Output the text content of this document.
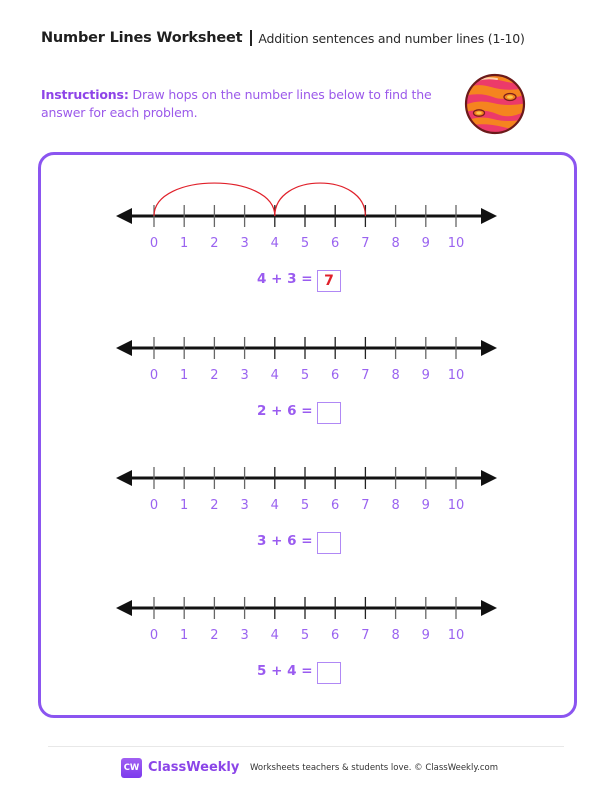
Number Lines Worksheet Addition sentences and number lines (1-10)
Instructions: Draw hops on the number lines below to find the answer for each problem.
0 1 2 3 4 5 6 7 8 9 10
4 + 3 = 7
0 1 2 3 4 5 6 7 8 9 10
2 + 6 =
0 1 2 3 4 5 6 7 8 9 10
3 + 6 =
0 1 2 3 4 5 6 7 8 9 10
5 + 4 =
CW ClassWeekly Worksheets teachers & students love. © ClassWeekly.com
